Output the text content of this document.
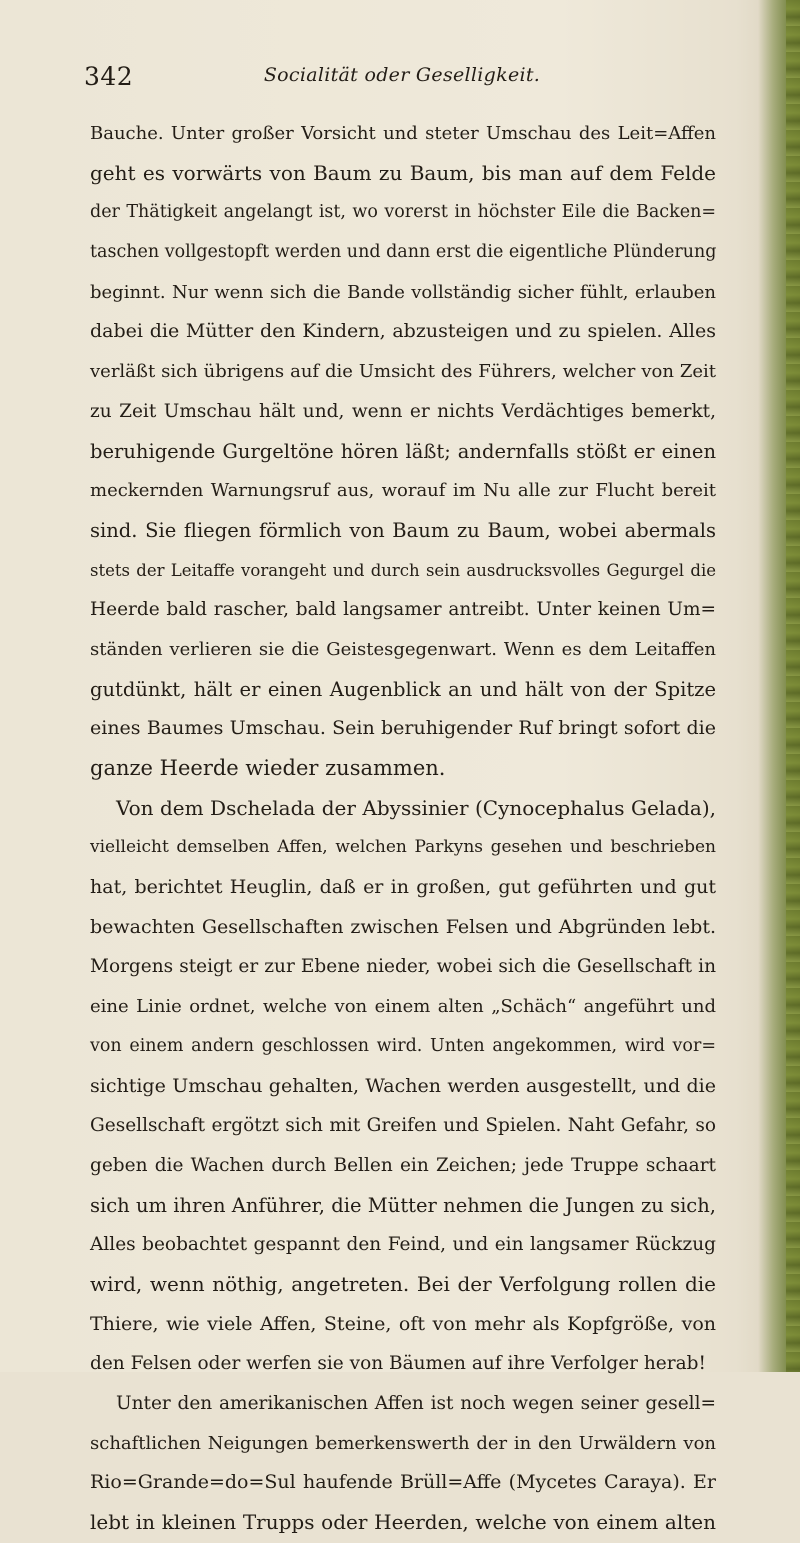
342	Socialität oder Geselligkeit.
Bauche. Unter großer Vorsicht und steter Umschau des Leit=Affen
geht es vorwärts von Baum zu Baum, bis man auf dem Felde
der Thätigkeit angelangt ist, wo vorerst in höchster Eile die Backen=
taschen vollgestopft werden und dann erst die eigentliche Plünderung
beginnt. Nur wenn sich die Bande vollständig sicher fühlt, erlauben
dabei die Mütter den Kindern, abzusteigen und zu spielen. Alles
verläßt sich übrigens auf die Umsicht des Führers, welcher von Zeit
zu Zeit Umschau hält und, wenn er nichts Verdächtiges bemerkt,
beruhigende Gurgeltöne hören läßt; andernfalls stößt er einen
meckernden Warnungsruf aus, worauf im Nu alle zur Flucht bereit
sind. Sie fliegen förmlich von Baum zu Baum, wobei abermals
stets der Leitaffe vorangeht und durch sein ausdrucksvolles Gegurgel die
Heerde bald rascher, bald langsamer antreibt. Unter keinen Um=
ständen verlieren sie die Geistesgegenwart. Wenn es dem Leitaffen
gutdünkt, hält er einen Augenblick an und hält von der Spitze
eines Baumes Umschau. Sein beruhigender Ruf bringt sofort die
ganze Heerde wieder zusammen.
Von dem Dschelada der Abyssinier (Cynocephalus Gelada),
vielleicht demselben Affen, welchen Parkyns gesehen und beschrieben
hat, berichtet Heuglin, daß er in großen, gut geführten und gut
bewachten Gesellschaften zwischen Felsen und Abgründen lebt.
Morgens steigt er zur Ebene nieder, wobei sich die Gesellschaft in
eine Linie ordnet, welche von einem alten „Schäch“ angeführt und
von einem andern geschlossen wird. Unten angekommen, wird vor=
sichtige Umschau gehalten, Wachen werden ausgestellt, und die
Gesellschaft ergötzt sich mit Greifen und Spielen. Naht Gefahr, so
geben die Wachen durch Bellen ein Zeichen; jede Truppe schaart
sich um ihren Anführer, die Mütter nehmen die Jungen zu sich,
Alles beobachtet gespannt den Feind, und ein langsamer Rückzug
wird, wenn nöthig, angetreten. Bei der Verfolgung rollen die
Thiere, wie viele Affen, Steine, oft von mehr als Kopfgröße, von
den Felsen oder werfen sie von Bäumen auf ihre Verfolger herab!
Unter den amerikanischen Affen ist noch wegen seiner gesell=
schaftlichen Neigungen bemerkenswerth der in den Urwäldern von
Rio=Grande=do=Sul haufende Brüll=Affe (Mycetes Caraya). Er
lebt in kleinen Trupps oder Heerden, welche von einem alten
